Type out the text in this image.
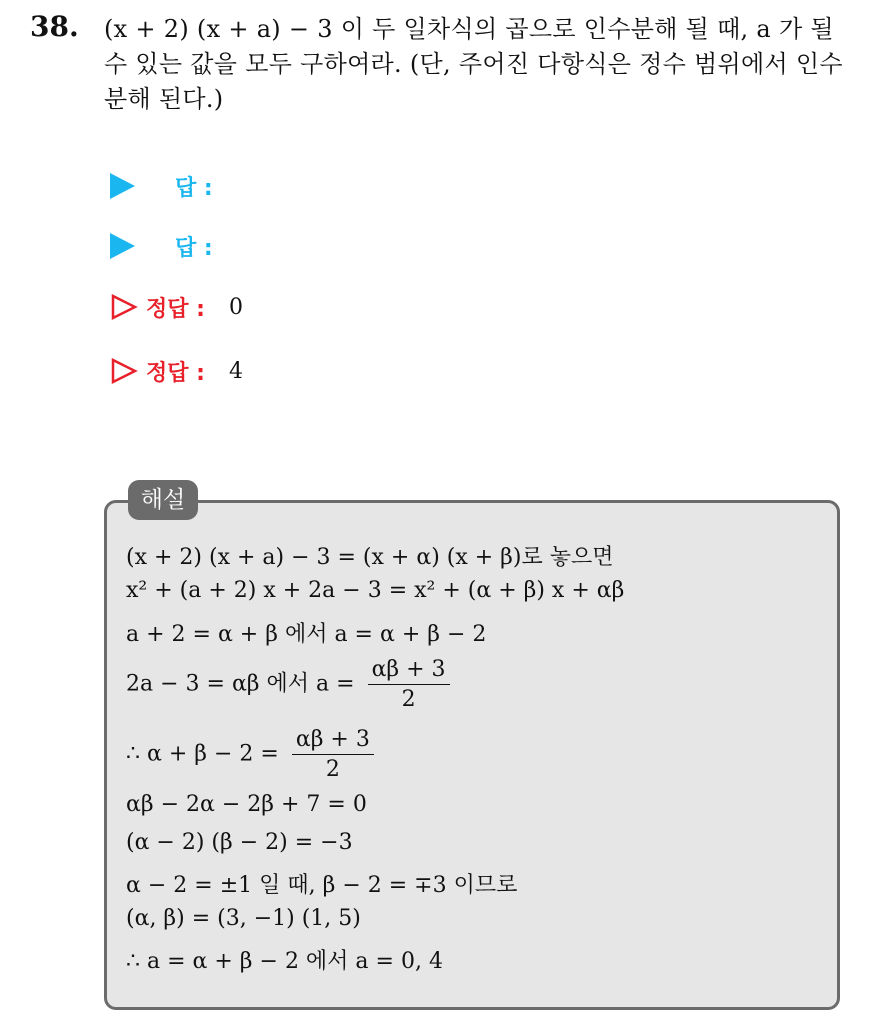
38. (x + 2) (x + a) − 3 이 두 일차식의 곱으로 인수분해 될 때, a 가 될 수 있는 값을 모두 구하여라. (단, 주어진 다항식은 정수 범위에서 인수분해 된다.)
답 :
답 :
정답 : 0
정답 : 4
해설
(x + 2) (x + a) − 3 = (x + α) (x + β)로 놓으면
x² + (a + 2) x + 2a − 3 = x² + (α + β) x + αβ
a + 2 = α + β 에서 a = α + β − 2
2a − 3 = αβ 에서 $a = \frac{\alpha\beta + 3}{2}$
∴ $\alpha + \beta - 2 = \frac{\alpha\beta + 3}{2}$
αβ − 2α − 2β + 7 = 0
(α − 2) (β − 2) = −3
α − 2 = ±1 일 때, β − 2 = ∓3 이므로
(α, β) = (3, −1) (1, 5)
∴ a = α + β − 2 에서 a = 0, 4
